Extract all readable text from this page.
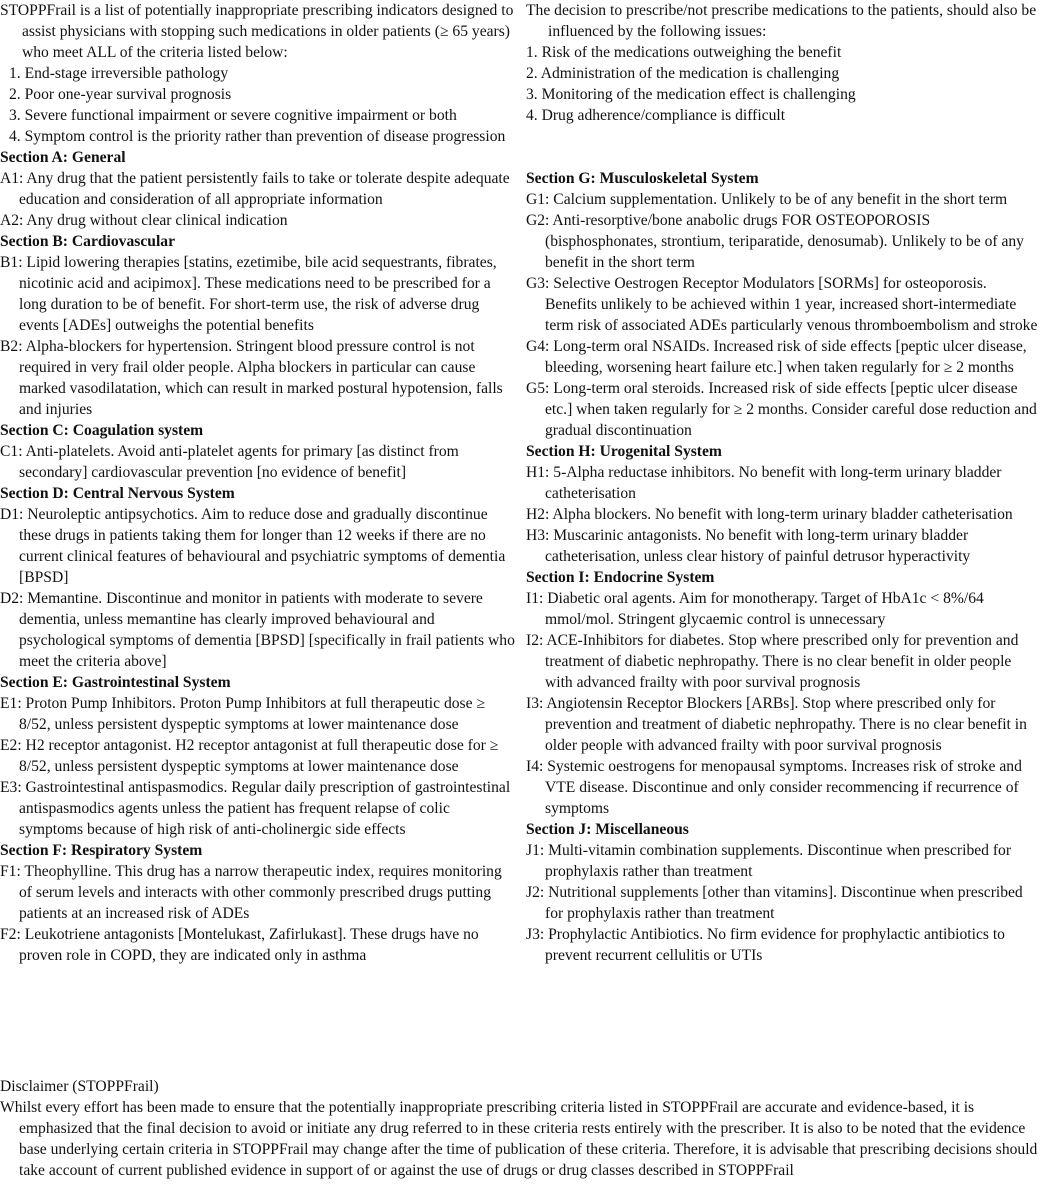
STOPPFrail is a list of potentially inappropriate prescribing indicators designed to assist physicians with stopping such medications in older patients (≥ 65 years) who meet ALL of the criteria listed below:

1. End-stage irreversible pathology
2. Poor one-year survival prognosis
3. Severe functional impairment or severe cognitive impairment or both
4. Symptom control is the priority rather than prevention of disease progression

Section A: General

A1: Any drug that the patient persistently fails to take or tolerate despite adequate education and consideration of all appropriate information

A2: Any drug without clear clinical indication

Section B: Cardiovascular

B1: Lipid lowering therapies [statins, ezetimibe, bile acid sequestrants, fibrates, nicotinic acid and acipimox]. These medications need to be prescribed for a long duration to be of benefit. For short-term use, the risk of adverse drug events [ADEs] outweighs the potential benefits

B2: Alpha-blockers for hypertension. Stringent blood pressure control is not required in very frail older people. Alpha blockers in particular can cause marked vasodilatation, which can result in marked postural hypotension, falls and injuries

Section C: Coagulation system

C1: Anti-platelets. Avoid anti-platelet agents for primary [as distinct from secondary] cardiovascular prevention [no evidence of benefit]

Section D: Central Nervous System

D1: Neuroleptic antipsychotics. Aim to reduce dose and gradually discontinue these drugs in patients taking them for longer than 12 weeks if there are no current clinical features of behavioural and psychiatric symptoms of dementia [BPSD]

D2: Memantine. Discontinue and monitor in patients with moderate to severe dementia, unless memantine has clearly improved behavioural and psychological symptoms of dementia [BPSD] [specifically in frail patients who meet the criteria above]

Section E: Gastrointestinal System

E1: Proton Pump Inhibitors. Proton Pump Inhibitors at full therapeutic dose ≥ 8/52, unless persistent dyspeptic symptoms at lower maintenance dose

E2: H2 receptor antagonist. H2 receptor antagonist at full therapeutic dose for ≥ 8/52, unless persistent dyspeptic symptoms at lower maintenance dose

E3: Gastrointestinal antispasmodics. Regular daily prescription of gastrointestinal antispasmodics agents unless the patient has frequent relapse of colic symptoms because of high risk of anti-cholinergic side effects

Section F: Respiratory System

F1: Theophylline. This drug has a narrow therapeutic index, requires monitoring of serum levels and interacts with other commonly prescribed drugs putting patients at an increased risk of ADEs

F2: Leukotriene antagonists [Montelukast, Zafirlukast]. These drugs have no proven role in COPD, they are indicated only in asthma

The decision to prescribe/not prescribe medications to the patients, should also be influenced by the following issues:

1. Risk of the medications outweighing the benefit
2. Administration of the medication is challenging
3. Monitoring of the medication effect is challenging
4. Drug adherence/compliance is difficult

Section G: Musculoskeletal System

G1: Calcium supplementation. Unlikely to be of any benefit in the short term

G2: Anti-resorptive/bone anabolic drugs FOR OSTEOPOROSIS (bisphosphonates, strontium, teriparatide, denosumab). Unlikely to be of any benefit in the short term

G3: Selective Oestrogen Receptor Modulators [SORMs] for osteoporosis. Benefits unlikely to be achieved within 1 year, increased short-intermediate term risk of associated ADEs particularly venous thromboembolism and stroke

G4: Long-term oral NSAIDs. Increased risk of side effects [peptic ulcer disease, bleeding, worsening heart failure etc.] when taken regularly for ≥ 2 months

G5: Long-term oral steroids. Increased risk of side effects [peptic ulcer disease etc.] when taken regularly for ≥ 2 months. Consider careful dose reduction and gradual discontinuation

Section H: Urogenital System

H1: 5-Alpha reductase inhibitors. No benefit with long-term urinary bladder catheterisation

H2: Alpha blockers. No benefit with long-term urinary bladder catheterisation

H3: Muscarinic antagonists. No benefit with long-term urinary bladder catheterisation, unless clear history of painful detrusor hyperactivity

Section I: Endocrine System

I1: Diabetic oral agents. Aim for monotherapy. Target of HbA1c < 8%/64 mmol/mol. Stringent glycaemic control is unnecessary

I2: ACE-Inhibitors for diabetes. Stop where prescribed only for prevention and treatment of diabetic nephropathy. There is no clear benefit in older people with advanced frailty with poor survival prognosis

I3: Angiotensin Receptor Blockers [ARBs]. Stop where prescribed only for prevention and treatment of diabetic nephropathy. There is no clear benefit in older people with advanced frailty with poor survival prognosis

I4: Systemic oestrogens for menopausal symptoms. Increases risk of stroke and VTE disease. Discontinue and only consider recommencing if recurrence of symptoms

Section J: Miscellaneous

J1: Multi-vitamin combination supplements. Discontinue when prescribed for prophylaxis rather than treatment

J2: Nutritional supplements [other than vitamins]. Discontinue when prescribed for prophylaxis rather than treatment

J3: Prophylactic Antibiotics. No firm evidence for prophylactic antibiotics to prevent recurrent cellulitis or UTIs

Disclaimer (STOPPFrail)

Whilst every effort has been made to ensure that the potentially inappropriate prescribing criteria listed in STOPPFrail are accurate and evidence-based, it is emphasized that the final decision to avoid or initiate any drug referred to in these criteria rests entirely with the prescriber. It is also to be noted that the evidence base underlying certain criteria in STOPPFrail may change after the time of publication of these criteria. Therefore, it is advisable that prescribing decisions should take account of current published evidence in support of or against the use of drugs or drug classes described in STOPPFrail
